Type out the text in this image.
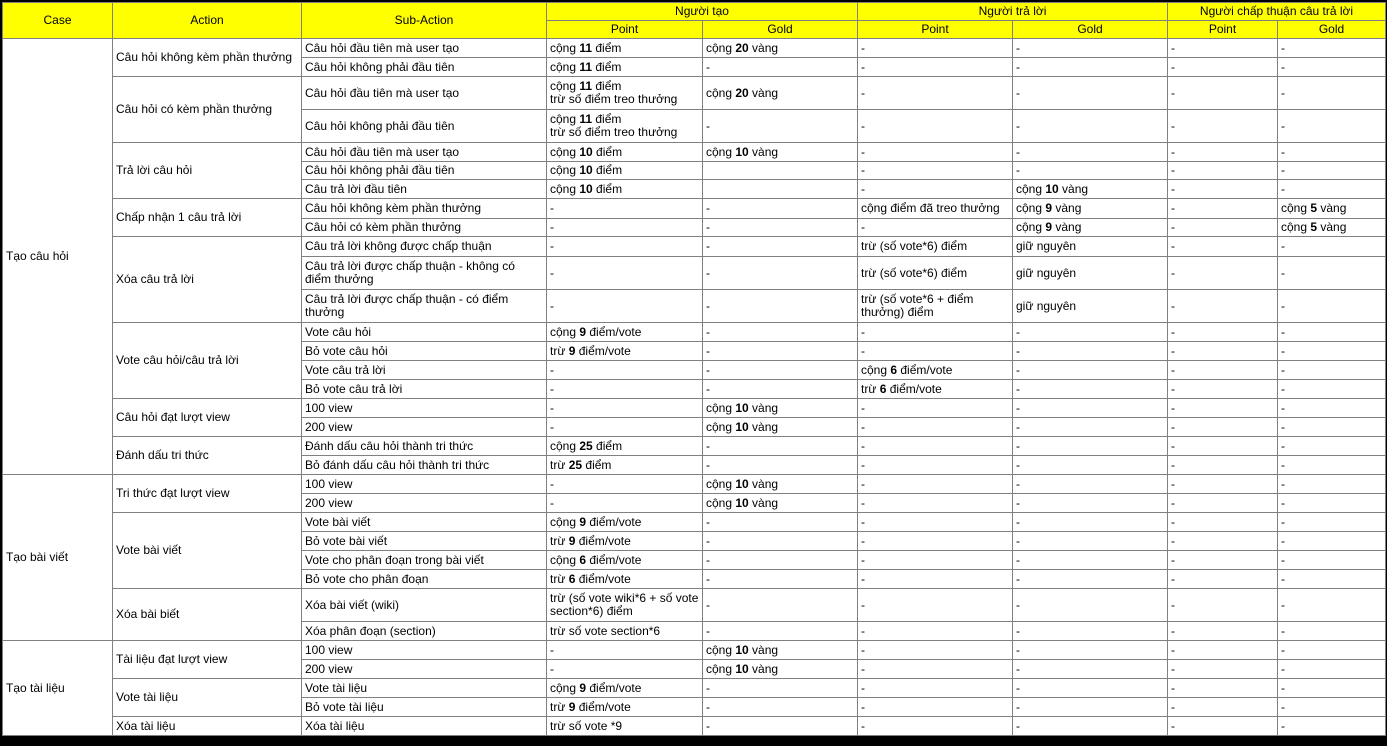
Case	Action	Sub-Action	Người tạo		Người trả lời		Người chấp thuận câu trả lời	
			Point	Gold	Point	Gold	Point	Gold
Tạo câu hỏi	Câu hỏi không kèm phần thưởng	Câu hỏi đầu tiên mà user tạo	cộng 11 điểm	cộng 20 vàng	-	-	-	-
		Câu hỏi không phải đầu tiên	cộng 11 điểm	-	-	-	-	-
	Câu hỏi có kèm phần thưởng	Câu hỏi đầu tiên mà user tạo	cộng 11 điểm
trừ số điểm treo thưởng	cộng 20 vàng	-	-	-	-
		Câu hỏi không phải đầu tiên	cộng 11 điểm
trừ số điểm treo thưởng	-	-	-	-	-
	Trả lời câu hỏi	Câu hỏi đầu tiên mà user tạo	cộng 10 điểm	cộng 10 vàng	-	-	-	-
		Câu hỏi không phải đầu tiên	cộng 10 điểm		-	-	-	-
		Câu trả lời đầu tiên	cộng 10 điểm		-	cộng 10 vàng	-	-
	Chấp nhận 1 câu trả lời	Câu hỏi không kèm phần thưởng	-	-	cộng điểm đã treo thưởng	cộng 9 vàng	-	cộng 5 vàng
		Câu hỏi có kèm phần thưởng	-	-	-	cộng 9 vàng	-	cộng 5 vàng
	Xóa câu trả lời	Câu trả lời không được chấp thuận	-	-	trừ (số vote*6) điểm	giữ nguyên	-	-
		Câu trả lời được chấp thuận - không có điểm thưởng	-	-	trừ (số vote*6) điểm	giữ nguyên	-	-
		Câu trả lời được chấp thuận - có điểm thưởng	-	-	trừ (số vote*6 + điểm thưởng) điểm	giữ nguyên	-	-
	Vote câu hỏi/câu trả lời	Vote câu hỏi	cộng 9 điểm/vote	-	-	-	-	-
		Bỏ vote câu hỏi	trừ 9 điểm/vote	-	-	-	-	-
		Vote câu trả lời	-	-	cộng 6 điểm/vote	-	-	-
		Bỏ vote câu trả lời	-	-	trừ 6 điểm/vote	-	-	-
	Câu hỏi đạt lượt view	100 view	-	cộng 10 vàng	-	-	-	-
		200 view	-	cộng 10 vàng	-	-	-	-
	Đánh dấu tri thức	Đánh dấu câu hỏi thành tri thức	cộng 25 điểm	-	-	-	-	-
		Bỏ đánh dấu câu hỏi thành tri thức	trừ 25 điểm	-	-	-	-	-
Tạo bài viết	Tri thức đạt lượt view	100 view	-	cộng 10 vàng	-	-	-	-
		200 view	-	cộng 10 vàng	-	-	-	-
	Vote bài viết	Vote bài viết	cộng 9 điểm/vote	-	-	-	-	-
		Bỏ vote bài viết	trừ 9 điểm/vote	-	-	-	-	-
		Vote cho phân đoạn trong bài viết	cộng 6 điểm/vote	-	-	-	-	-
		Bỏ vote cho phân đoạn	trừ 6 điểm/vote	-	-	-	-	-
	Xóa bài biết	Xóa bài viết (wiki)	trừ (số vote wiki*6 + số vote section*6) điểm	-	-	-	-	-
		Xóa phân đoạn (section)	trừ số vote section*6	-	-	-	-	-
Tạo tài liệu	Tài liệu đạt lượt view	100 view	-	cộng 10 vàng	-	-	-	-
		200 view	-	cộng 10 vàng	-	-	-	-
	Vote tài liệu	Vote tài liệu	cộng 9 điểm/vote	-	-	-	-	-
		Bỏ vote tài liệu	trừ 9 điểm/vote	-	-	-	-	-
	Xóa tài liệu	Xóa tài liệu	trừ số vote *9	-	-	-	-	-
